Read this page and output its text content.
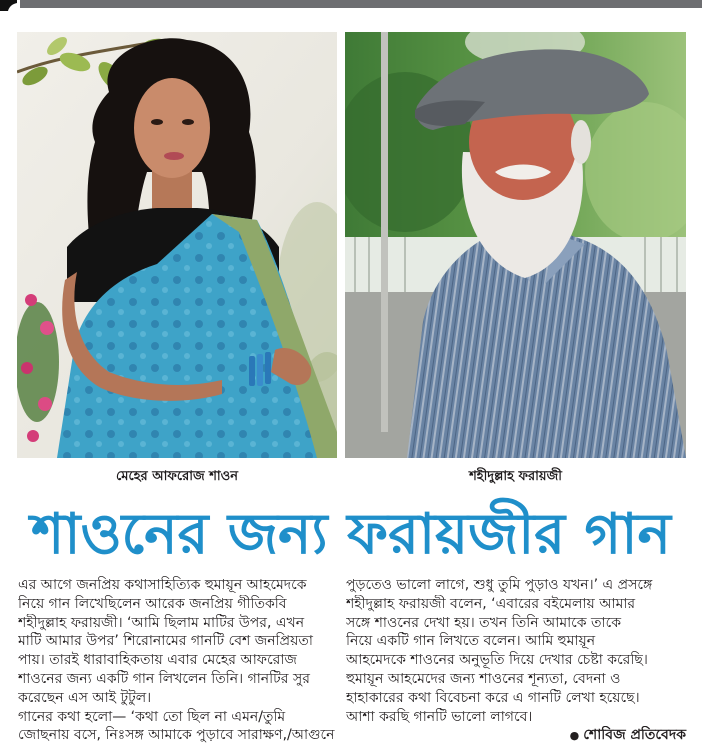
মেহের আফরোজ শাওন	শহীদুল্লাহ ফরায়জী
শাওনের জন্য ফরায়জীর গান
এর আগে জনপ্রিয় কথাসাহিত্যিক হুমায়ূন আহমেদকে
নিয়ে গান লিখেছিলেন আরেক জনপ্রিয় গীতিকবি
শহীদুল্লাহ ফরায়জী। ‘আমি ছিলাম মাটির উপর, এখন
মাটি আমার উপর’ শিরোনামের গানটি বেশ জনপ্রিয়তা
পায়। তারই ধারাবাহিকতায় এবার মেহের আফরোজ
শাওনের জন্য একটি গান লিখলেন তিনি। গানটির সুর
করেছেন এস আই টুটুল।
গানের কথা হলো— ‘কথা তো ছিল না এমন/তুমি
জোছনায় বসে, নিঃসঙ্গ আমাকে পুড়াবে সারাক্ষণ,/আগুনে
পুড়তেও ভালো লাগে, শুধু তুমি পুড়াও যখন।’ এ প্রসঙ্গে
শহীদুল্লাহ ফরায়জী বলেন, ‘এবারের বইমেলায় আমার
সঙ্গে শাওনের দেখা হয়। তখন তিনি আমাকে তাকে
নিয়ে একটি গান লিখতে বলেন। আমি হুমায়ূন
আহমেদকে শাওনের অনুভূতি দিয়ে দেখার চেষ্টা করেছি।
হুমায়ূন আহমেদের জন্য শাওনের শূন্যতা, বেদনা ও
হাহাকারের কথা বিবেচনা করে এ গানটি লেখা হয়েছে।
আশা করছি গানটি ভালো লাগবে।
● শোবিজ প্রতিবেদক
